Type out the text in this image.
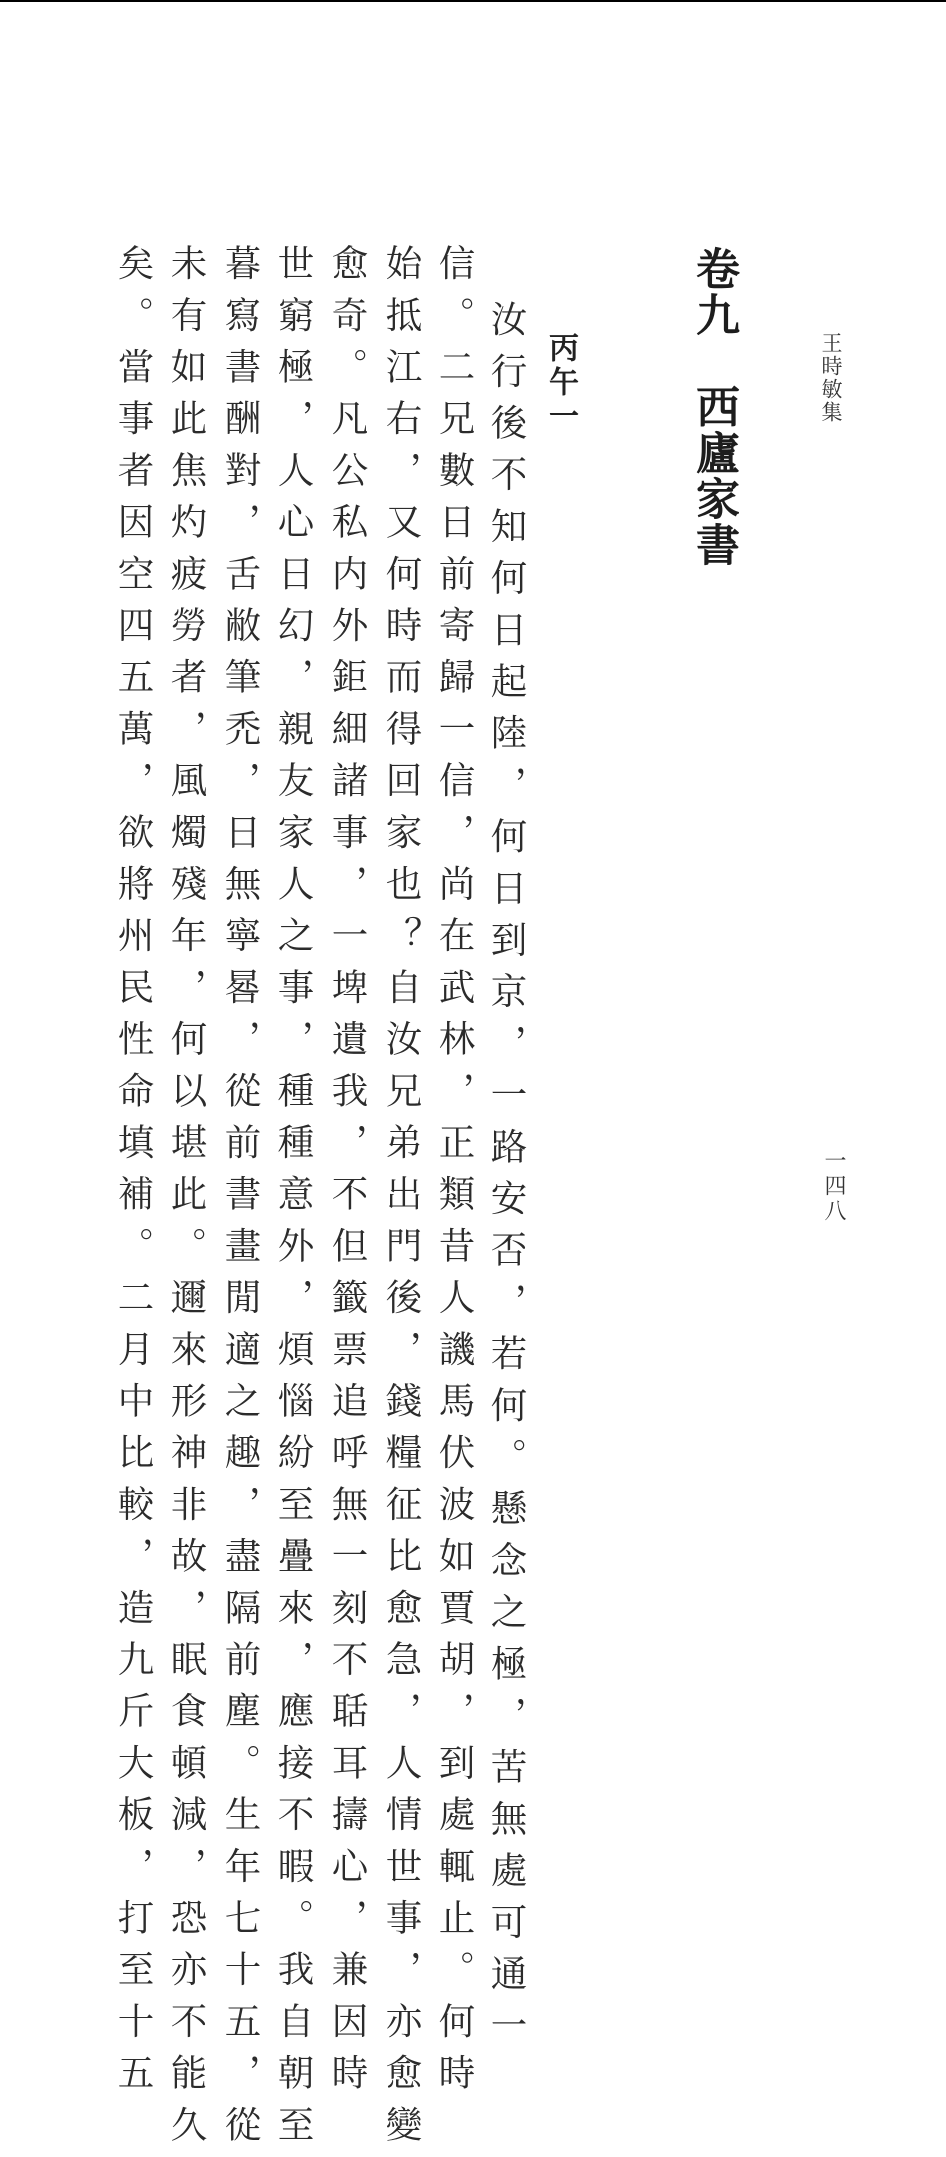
王時敏集
卷九　西廬家書
丙午一
一四八
汝行後不知何日起陸，何日到京，一路安否，若何。懸念之極，苦無處可通一
信。二兄數日前寄歸一信，尚在武林，正類昔人譏馬伏波如賈胡，到處輒止。何時
始抵江右，又何時而得回家也？自汝兄弟出門後，錢糧征比愈急，人情世事，亦愈變
愈奇。凡公私内外鉅細諸事，一埤遺我，不但籤票追呼無一刻不聒耳擣心，兼因時
世窮極，人心日幻，親友家人之事，種種意外，煩惱紛至疊來，應接不暇。我自朝至
暮寫書酬對，舌敝筆禿，日無寧晷，從前書畫閒適之趣，盡隔前塵。生年七十五，從
未有如此焦灼疲勞者，風燭殘年，何以堪此。邇來形神非故，眠食頓減，恐亦不能久
矣。當事者因空四五萬，欲將州民性命填補。二月中比較，造九斤大板，打至十五
